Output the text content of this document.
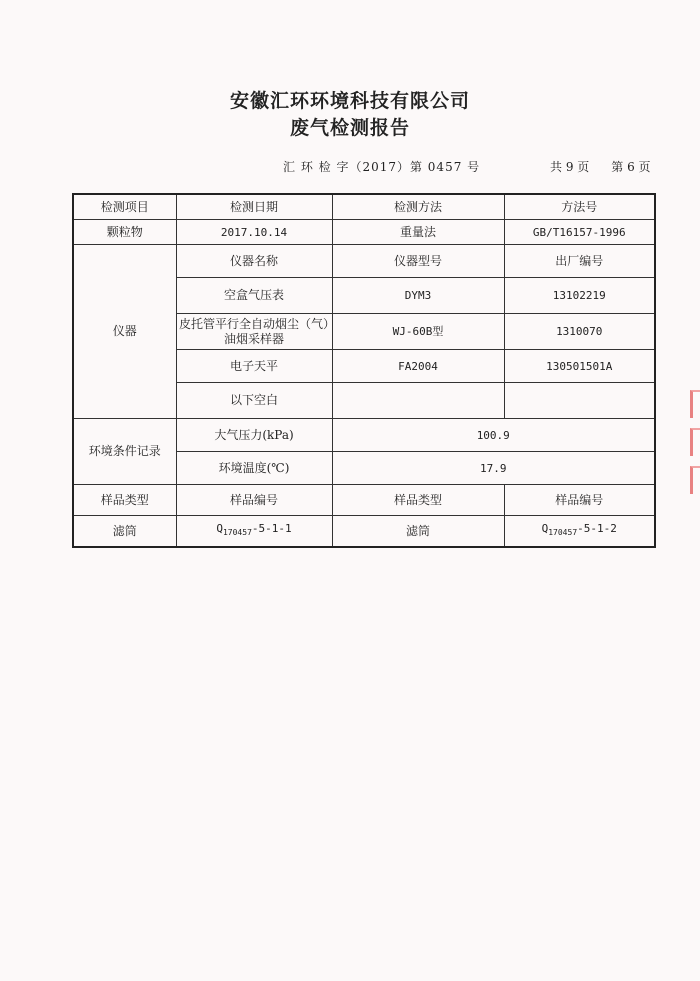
安徽汇环环境科技有限公司
废气检测报告
汇 环 检 字（2017）第 0457 号	共 9 页 第 6 页
检测项目	检测日期	检测方法	方法号
颗粒物	2017.10.14	重量法	GB/T16157-1996
仪器	仪器名称	仪器型号	出厂编号
	空盒气压表	DYM3	13102219
	皮托管平行全自动烟尘（气）油烟采样器	WJ-60B型	1310070
	电子天平	FA2004	130501501A
	以下空白		
环境条件记录	大气压力(kPa)	100.9	
	环境温度(℃)	17.9	
样品类型	样品编号	样品类型	样品编号
滤筒	$Q_{170457}-5-1-1$	滤筒	$Q_{170457}-5-1-2$
